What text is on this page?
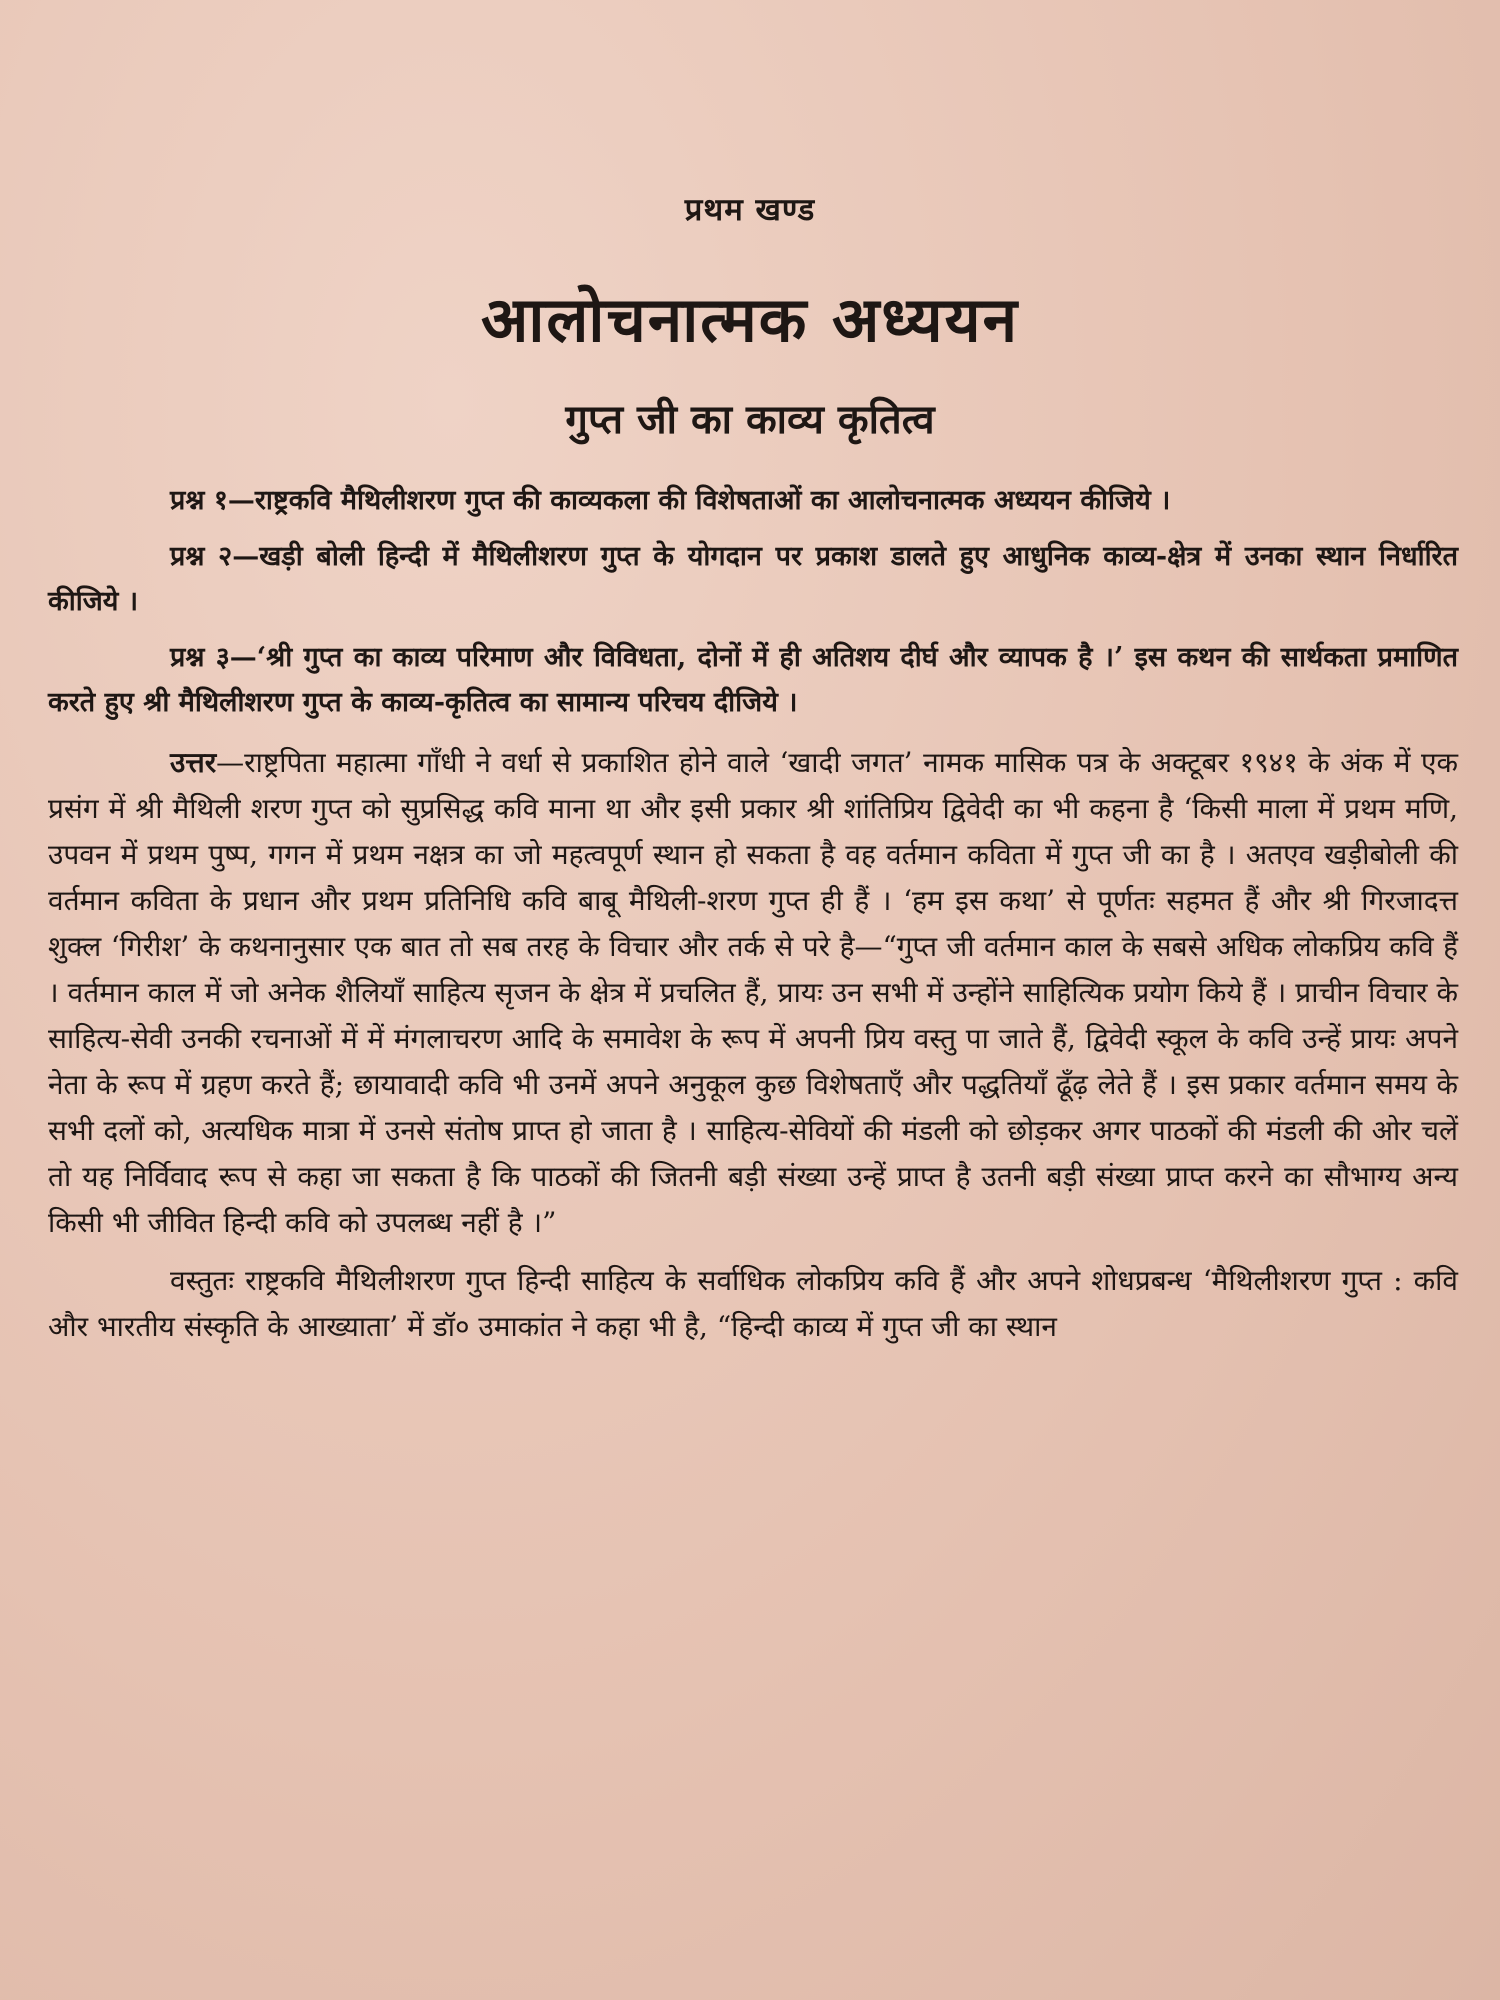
प्रथम खण्ड
आलोचनात्मक अध्ययन
गुप्त जी का काव्य कृतित्व

प्रश्न १—राष्ट्रकवि मैथिलीशरण गुप्त की काव्यकला की विशेषताओं का आलोचनात्मक अध्ययन कीजिये ।

प्रश्न २—खड़ी बोली हिन्दी में मैथिलीशरण गुप्त के योगदान पर प्रकाश डालते हुए आधुनिक काव्य-क्षेत्र में उनका स्थान निर्धारित कीजिये ।

प्रश्न ३—‘श्री गुप्त का काव्य परिमाण और विविधता, दोनों में ही अतिशय दीर्घ और व्यापक है ।’ इस कथन की सार्थकता प्रमाणित करते हुए श्री मैथिलीशरण गुप्त के काव्य-कृतित्व का सामान्य परिचय दीजिये ।

उत्तर—राष्ट्रपिता महात्मा गाँधी ने वर्धा से प्रकाशित होने वाले ‘खादी जगत’ नामक मासिक पत्र के अक्टूबर १९४१ के अंक में एक प्रसंग में श्री मैथिली शरण गुप्त को सुप्रसिद्ध कवि माना था और इसी प्रकार श्री शांतिप्रिय द्विवेदी का भी कहना है ‘किसी माला में प्रथम मणि, उपवन में प्रथम पुष्प, गगन में प्रथम नक्षत्र का जो महत्वपूर्ण स्थान हो सकता है वह वर्तमान कविता में गुप्त जी का है । अतएव खड़ीबोली की वर्तमान कविता के प्रधान और प्रथम प्रतिनिधि कवि बाबू मैथिली-शरण गुप्त ही हैं । ‘हम इस कथा’ से पूर्णतः सहमत हैं और श्री गिरजादत्त शुक्ल ‘गिरीश’ के कथनानुसार एक बात तो सब तरह के विचार और तर्क से परे है—“गुप्त जी वर्तमान काल के सबसे अधिक लोकप्रिय कवि हैं । वर्तमान काल में जो अनेक शैलियाँ साहित्य सृजन के क्षेत्र में प्रचलित हैं, प्रायः उन सभी में उन्होंने साहित्यिक प्रयोग किये हैं । प्राचीन विचार के साहित्य-सेवी उनकी रचनाओं में में मंगलाचरण आदि के समावेश के रूप में अपनी प्रिय वस्तु पा जाते हैं, द्विवेदी स्कूल के कवि उन्हें प्रायः अपने नेता के रूप में ग्रहण करते हैं; छायावादी कवि भी उनमें अपने अनुकूल कुछ विशेषताएँ और पद्धतियाँ ढूँढ़ लेते हैं । इस प्रकार वर्तमान समय के सभी दलों को, अत्यधिक मात्रा में उनसे संतोष प्राप्त हो जाता है । साहित्य-सेवियों की मंडली को छोड़कर अगर पाठकों की मंडली की ओर चलें तो यह निर्विवाद रूप से कहा जा सकता है कि पाठकों की जितनी बड़ी संख्या उन्हें प्राप्त है उतनी बड़ी संख्या प्राप्त करने का सौभाग्य अन्य किसी भी जीवित हिन्दी कवि को उपलब्ध नहीं है ।”

वस्तुतः राष्ट्रकवि मैथिलीशरण गुप्त हिन्दी साहित्य के सर्वाधिक लोकप्रिय कवि हैं और अपने शोधप्रबन्ध ‘मैथिलीशरण गुप्त : कवि और भारतीय संस्कृति के आख्याता’ में डॉ० उमाकांत ने कहा भी है, “हिन्दी काव्य में गुप्त जी का स्थान
